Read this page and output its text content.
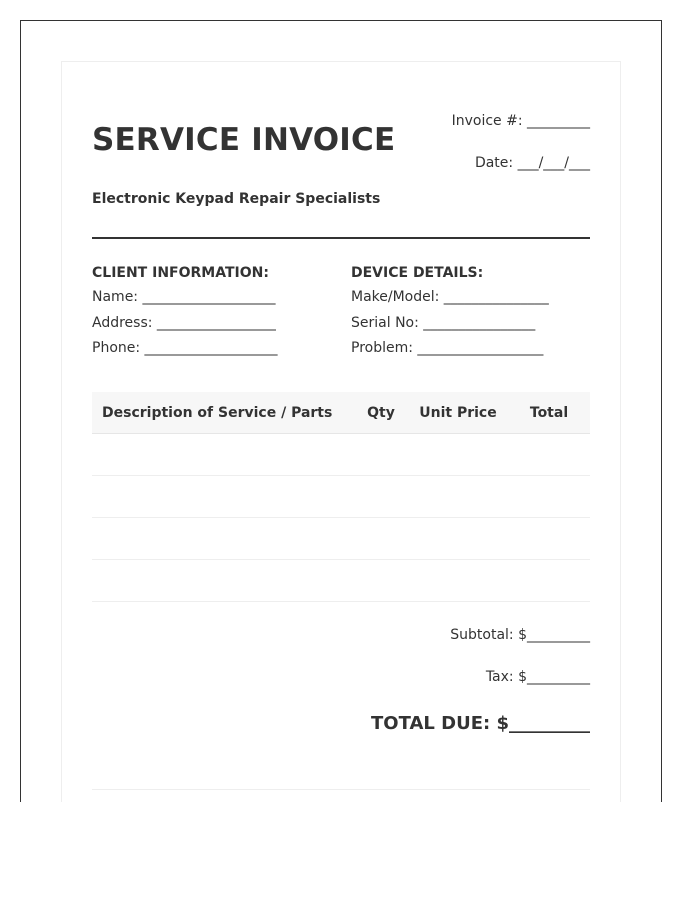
SERVICE INVOICE
Invoice #: _________
Date: ___/___/___
Electronic Keypad Repair Specialists
CLIENT INFORMATION:
Name: ___________________
Address: _________________
Phone: ___________________
DEVICE DETAILS:
Make/Model: _______________
Serial No: ________________
Problem: __________________
Description of Service / Parts	Qty	Unit Price	Total
Subtotal: $_________
Tax: $_________
TOTAL DUE: $_________
